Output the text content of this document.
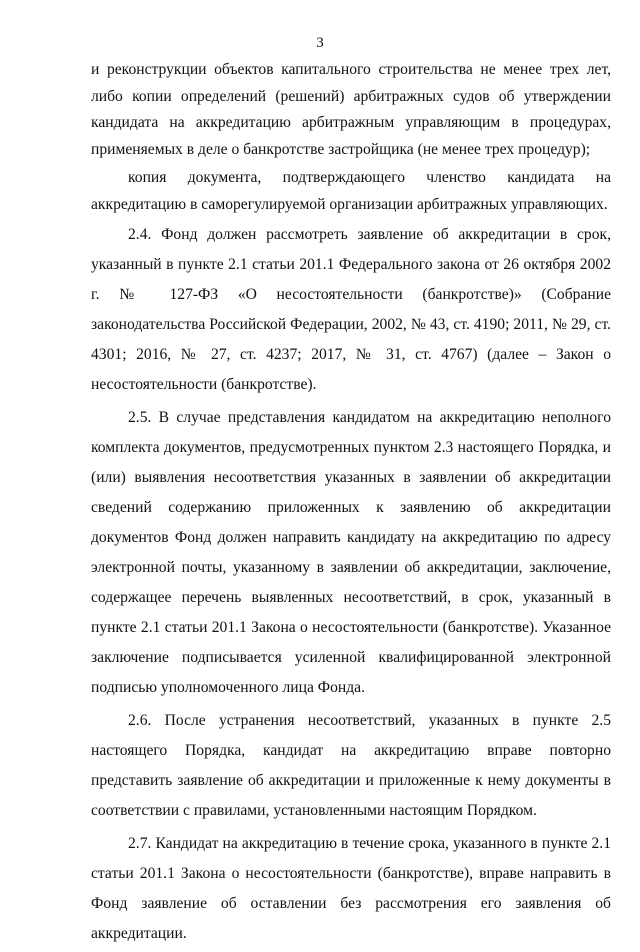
3

и реконструкции объектов капитального строительства не менее трех лет, либо копии определений (решений) арбитражных судов об утверждении кандидата на аккредитацию арбитражным управляющим в процедурах, применяемых в деле о банкротстве застройщика (не менее трех процедур);

копия документа, подтверждающего членство кандидата на аккредитацию в саморегулируемой организации арбитражных управляющих.

2.4. Фонд должен рассмотреть заявление об аккредитации в срок, указанный в пункте 2.1 статьи 201.1 Федерального закона от 26 октября 2002 г. № 127-ФЗ «О несостоятельности (банкротстве)» (Собрание законодательства Российской Федерации, 2002, № 43, ст. 4190; 2011, № 29, ст. 4301; 2016, № 27, ст. 4237; 2017, № 31, ст. 4767) (далее – Закон о несостоятельности (банкротстве).

2.5. В случае представления кандидатом на аккредитацию неполного комплекта документов, предусмотренных пунктом 2.3 настоящего Порядка, и (или) выявления несоответствия указанных в заявлении об аккредитации сведений содержанию приложенных к заявлению об аккредитации документов Фонд должен направить кандидату на аккредитацию по адресу электронной почты, указанному в заявлении об аккредитации, заключение, содержащее перечень выявленных несоответствий, в срок, указанный в пункте 2.1 статьи 201.1 Закона о несостоятельности (банкротстве). Указанное заключение подписывается усиленной квалифицированной электронной подписью уполномоченного лица Фонда.

2.6. После устранения несоответствий, указанных в пункте 2.5 настоящего Порядка, кандидат на аккредитацию вправе повторно представить заявление об аккредитации и приложенные к нему документы в соответствии с правилами, установленными настоящим Порядком.

2.7. Кандидат на аккредитацию в течение срока, указанного в пункте 2.1 статьи 201.1 Закона о несостоятельности (банкротстве), вправе направить в Фонд заявление об оставлении без рассмотрения его заявления об аккредитации.
